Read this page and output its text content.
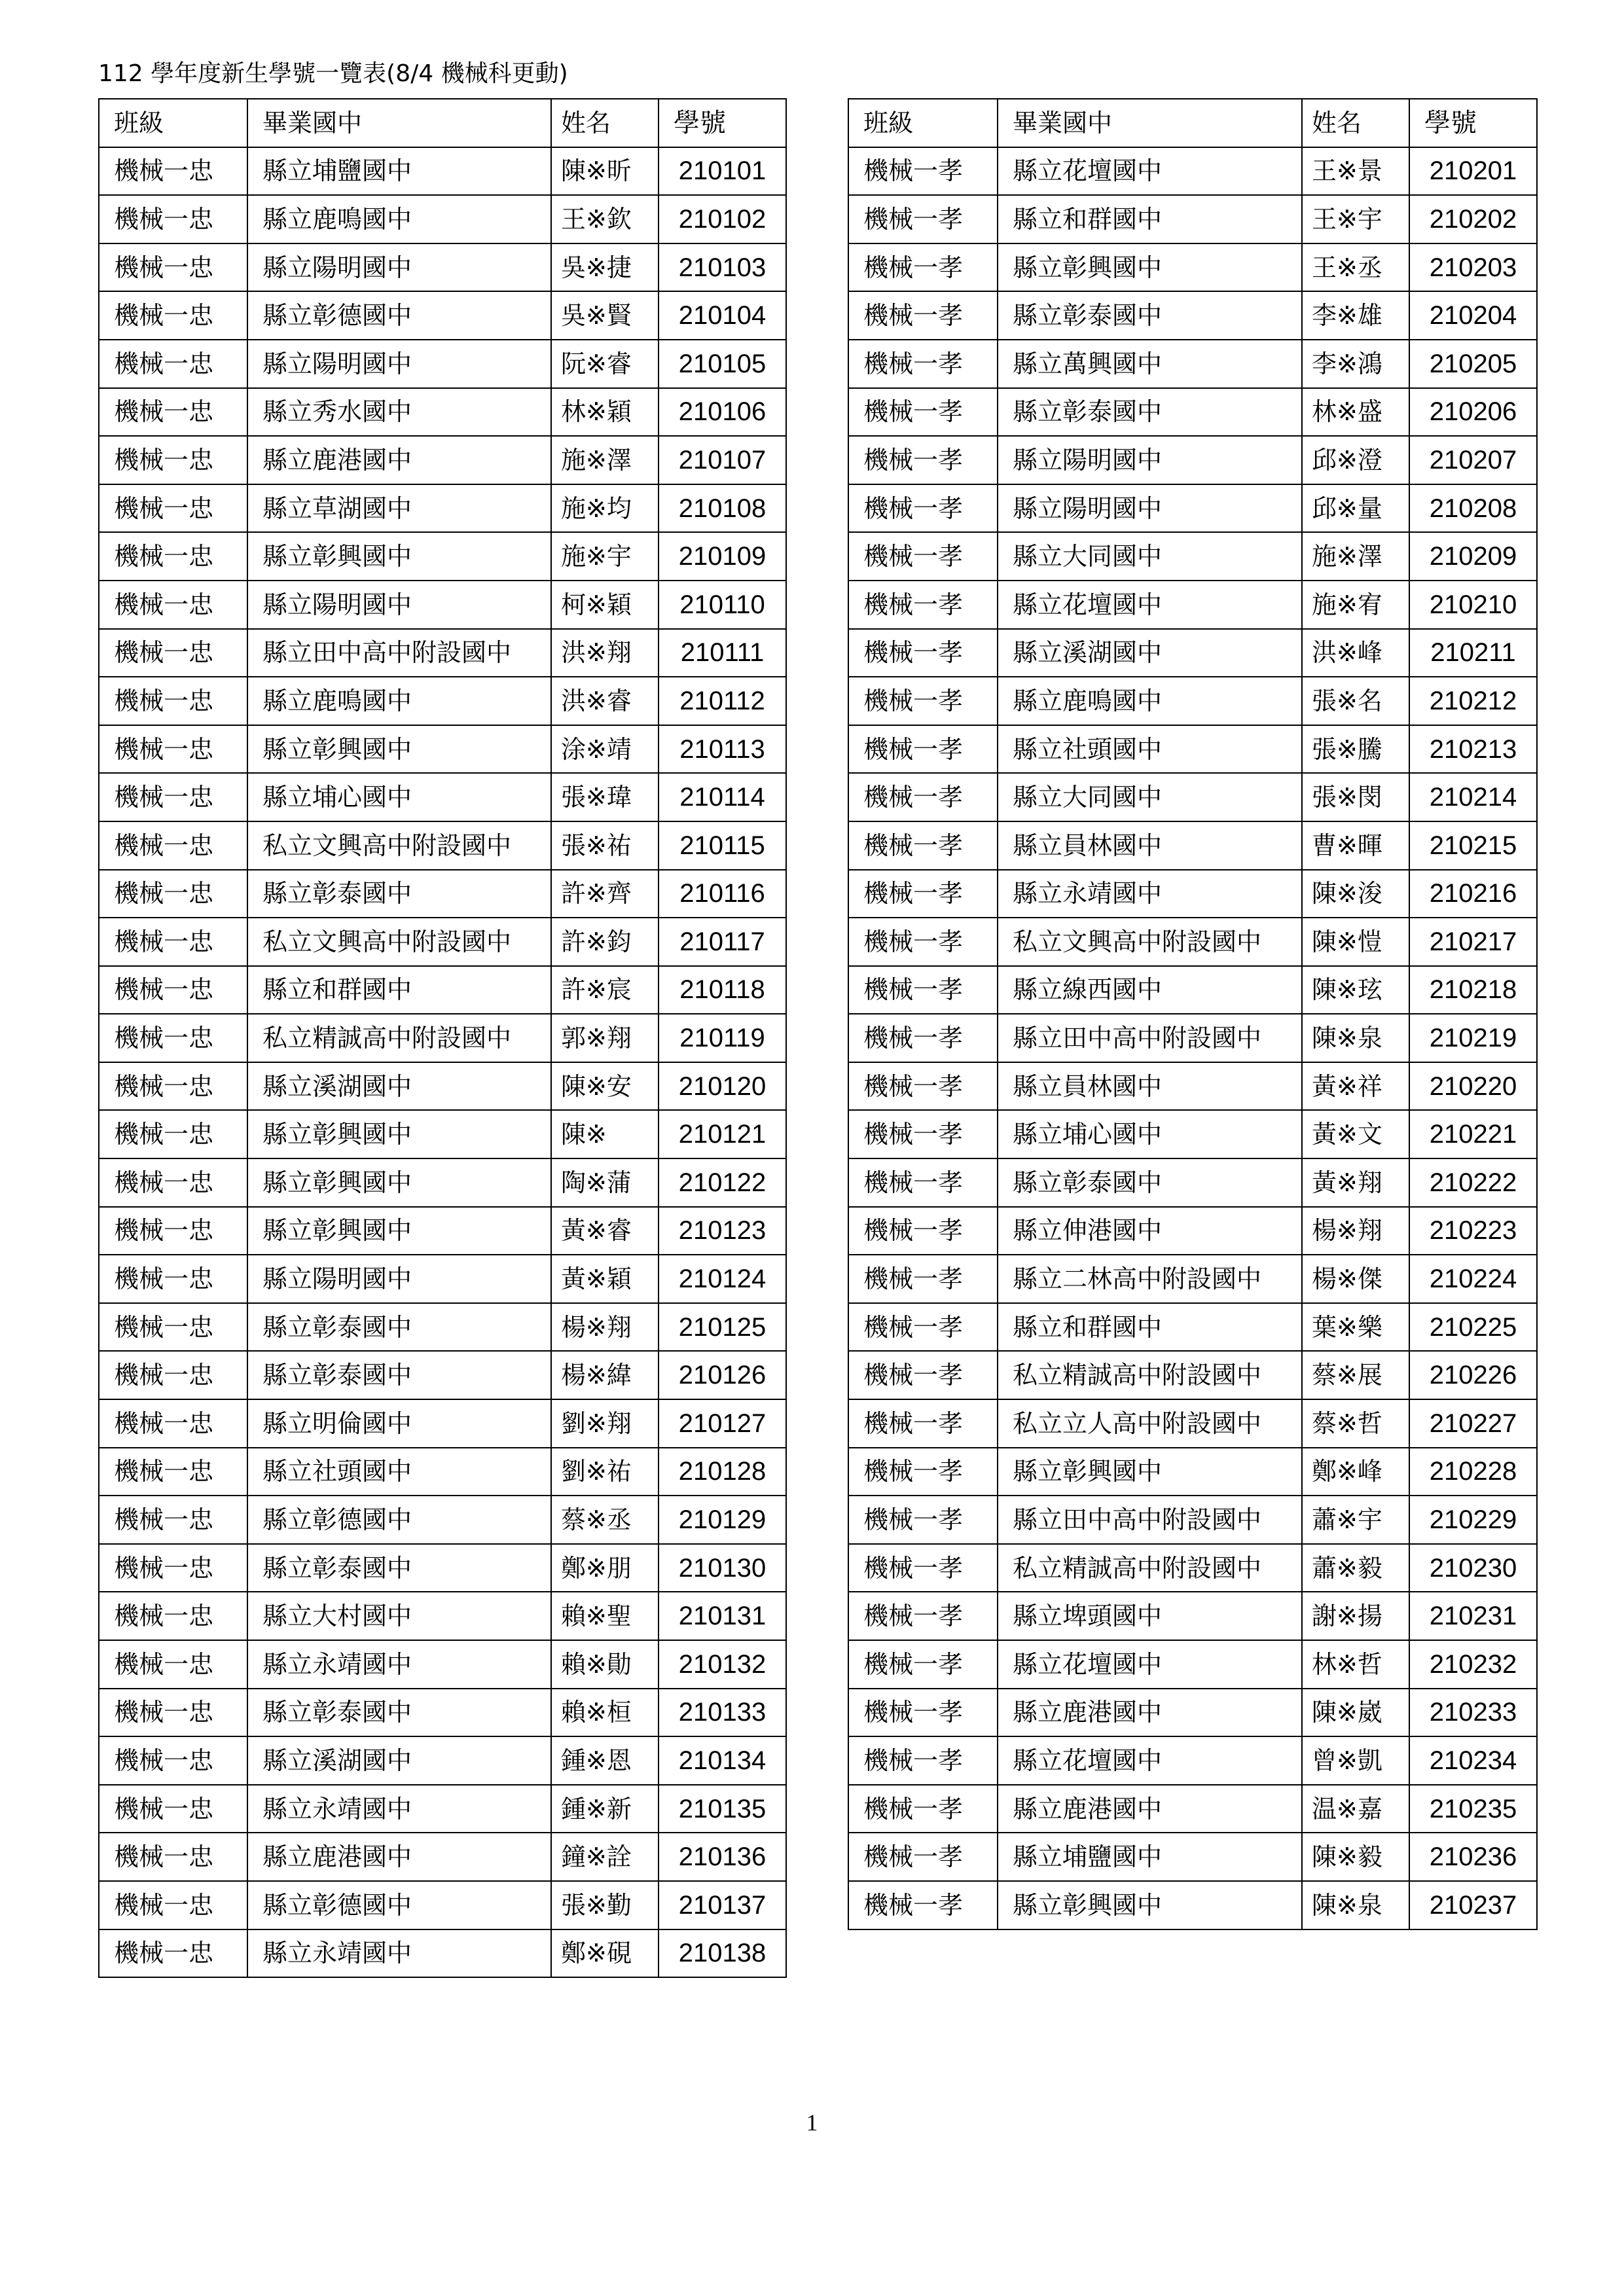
112 學年度新生學號一覽表(8/4 機械科更動)
班級	畢業國中	姓名	學號
機械一忠	縣立埔鹽國中	陳※昕	210101
機械一忠	縣立鹿鳴國中	王※欽	210102
機械一忠	縣立陽明國中	吳※捷	210103
機械一忠	縣立彰德國中	吳※賢	210104
機械一忠	縣立陽明國中	阮※睿	210105
機械一忠	縣立秀水國中	林※穎	210106
機械一忠	縣立鹿港國中	施※澤	210107
機械一忠	縣立草湖國中	施※均	210108
機械一忠	縣立彰興國中	施※宇	210109
機械一忠	縣立陽明國中	柯※穎	210110
機械一忠	縣立田中高中附設國中	洪※翔	210111
機械一忠	縣立鹿鳴國中	洪※睿	210112
機械一忠	縣立彰興國中	涂※靖	210113
機械一忠	縣立埔心國中	張※瑋	210114
機械一忠	私立文興高中附設國中	張※祐	210115
機械一忠	縣立彰泰國中	許※齊	210116
機械一忠	私立文興高中附設國中	許※鈞	210117
機械一忠	縣立和群國中	許※宸	210118
機械一忠	私立精誠高中附設國中	郭※翔	210119
機械一忠	縣立溪湖國中	陳※安	210120
機械一忠	縣立彰興國中	陳※	210121
機械一忠	縣立彰興國中	陶※蒲	210122
機械一忠	縣立彰興國中	黃※睿	210123
機械一忠	縣立陽明國中	黃※穎	210124
機械一忠	縣立彰泰國中	楊※翔	210125
機械一忠	縣立彰泰國中	楊※緯	210126
機械一忠	縣立明倫國中	劉※翔	210127
機械一忠	縣立社頭國中	劉※祐	210128
機械一忠	縣立彰德國中	蔡※丞	210129
機械一忠	縣立彰泰國中	鄭※朋	210130
機械一忠	縣立大村國中	賴※聖	210131
機械一忠	縣立永靖國中	賴※勛	210132
機械一忠	縣立彰泰國中	賴※桓	210133
機械一忠	縣立溪湖國中	鍾※恩	210134
機械一忠	縣立永靖國中	鍾※新	210135
機械一忠	縣立鹿港國中	鐘※詮	210136
機械一忠	縣立彰德國中	張※勤	210137
機械一忠	縣立永靖國中	鄭※硯	210138
班級	畢業國中	姓名	學號
機械一孝	縣立花壇國中	王※景	210201
機械一孝	縣立和群國中	王※宇	210202
機械一孝	縣立彰興國中	王※丞	210203
機械一孝	縣立彰泰國中	李※雄	210204
機械一孝	縣立萬興國中	李※鴻	210205
機械一孝	縣立彰泰國中	林※盛	210206
機械一孝	縣立陽明國中	邱※澄	210207
機械一孝	縣立陽明國中	邱※量	210208
機械一孝	縣立大同國中	施※澤	210209
機械一孝	縣立花壇國中	施※宥	210210
機械一孝	縣立溪湖國中	洪※峰	210211
機械一孝	縣立鹿鳴國中	張※名	210212
機械一孝	縣立社頭國中	張※騰	210213
機械一孝	縣立大同國中	張※閔	210214
機械一孝	縣立員林國中	曹※暉	210215
機械一孝	縣立永靖國中	陳※浚	210216
機械一孝	私立文興高中附設國中	陳※愷	210217
機械一孝	縣立線西國中	陳※玹	210218
機械一孝	縣立田中高中附設國中	陳※泉	210219
機械一孝	縣立員林國中	黃※祥	210220
機械一孝	縣立埔心國中	黃※文	210221
機械一孝	縣立彰泰國中	黃※翔	210222
機械一孝	縣立伸港國中	楊※翔	210223
機械一孝	縣立二林高中附設國中	楊※傑	210224
機械一孝	縣立和群國中	葉※樂	210225
機械一孝	私立精誠高中附設國中	蔡※展	210226
機械一孝	私立立人高中附設國中	蔡※哲	210227
機械一孝	縣立彰興國中	鄭※峰	210228
機械一孝	縣立田中高中附設國中	蕭※宇	210229
機械一孝	私立精誠高中附設國中	蕭※毅	210230
機械一孝	縣立埤頭國中	謝※揚	210231
機械一孝	縣立花壇國中	林※哲	210232
機械一孝	縣立鹿港國中	陳※崴	210233
機械一孝	縣立花壇國中	曾※凱	210234
機械一孝	縣立鹿港國中	温※嘉	210235
機械一孝	縣立埔鹽國中	陳※毅	210236
機械一孝	縣立彰興國中	陳※泉	210237
1
